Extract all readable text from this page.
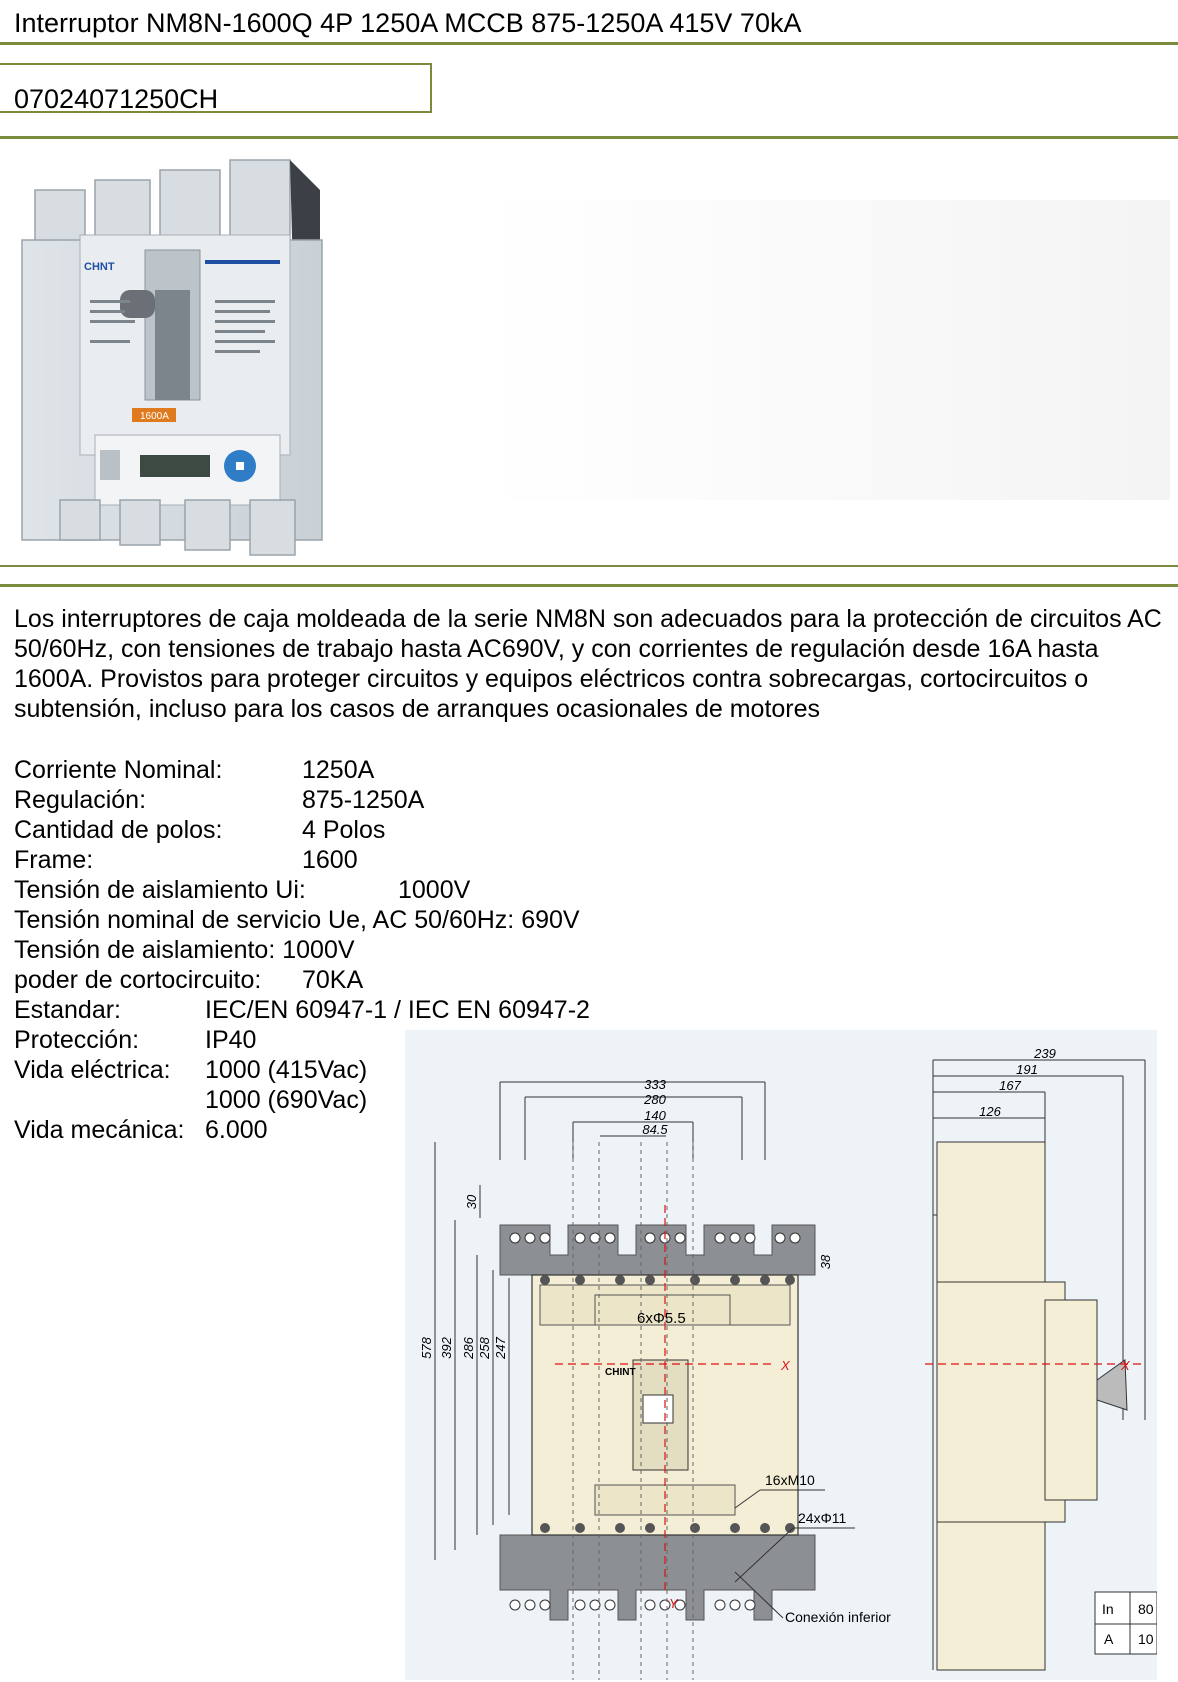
Interruptor NM8N-1600Q 4P 1250A MCCB 875-1250A 415V 70kA
07024071250CH
CHNT
1600A
Los interruptores de caja moldeada de la serie NM8N son adecuados para la protección de circuitos AC 50/60Hz, con tensiones de trabajo hasta AC690V, y con corrientes de regulación desde 16A hasta 1600A. Provistos para proteger circuitos y equipos eléctricos contra sobrecargas, cortocircuitos o subtensión, incluso para los casos de arranques ocasionales de motores
Corriente Nominal:	1250A
Regulación:	875-1250A
Cantidad de polos:	4 Polos
Frame:	1600
Tensión de aislamiento Ui:	1000V
Tensión nominal de servicio Ue, AC 50/60Hz: 690V
Tensión de aislamiento: 1000V
poder de cortocircuito: 70KA
Estandar:	IEC/EN 60947-1 / IEC EN 60947-2
Protección:	IP40
Vida eléctrica: 1000 (415Vac)
1000 (690Vac)
Vida mecánica: 6.000
333
280
140
84.5
578 392 286 258 247
30
38
CHINT	X
Y
6xΦ5.5
16xM10
24xΦ11
Conexión inferior
239
191
167
126
X
In 80
A 10
